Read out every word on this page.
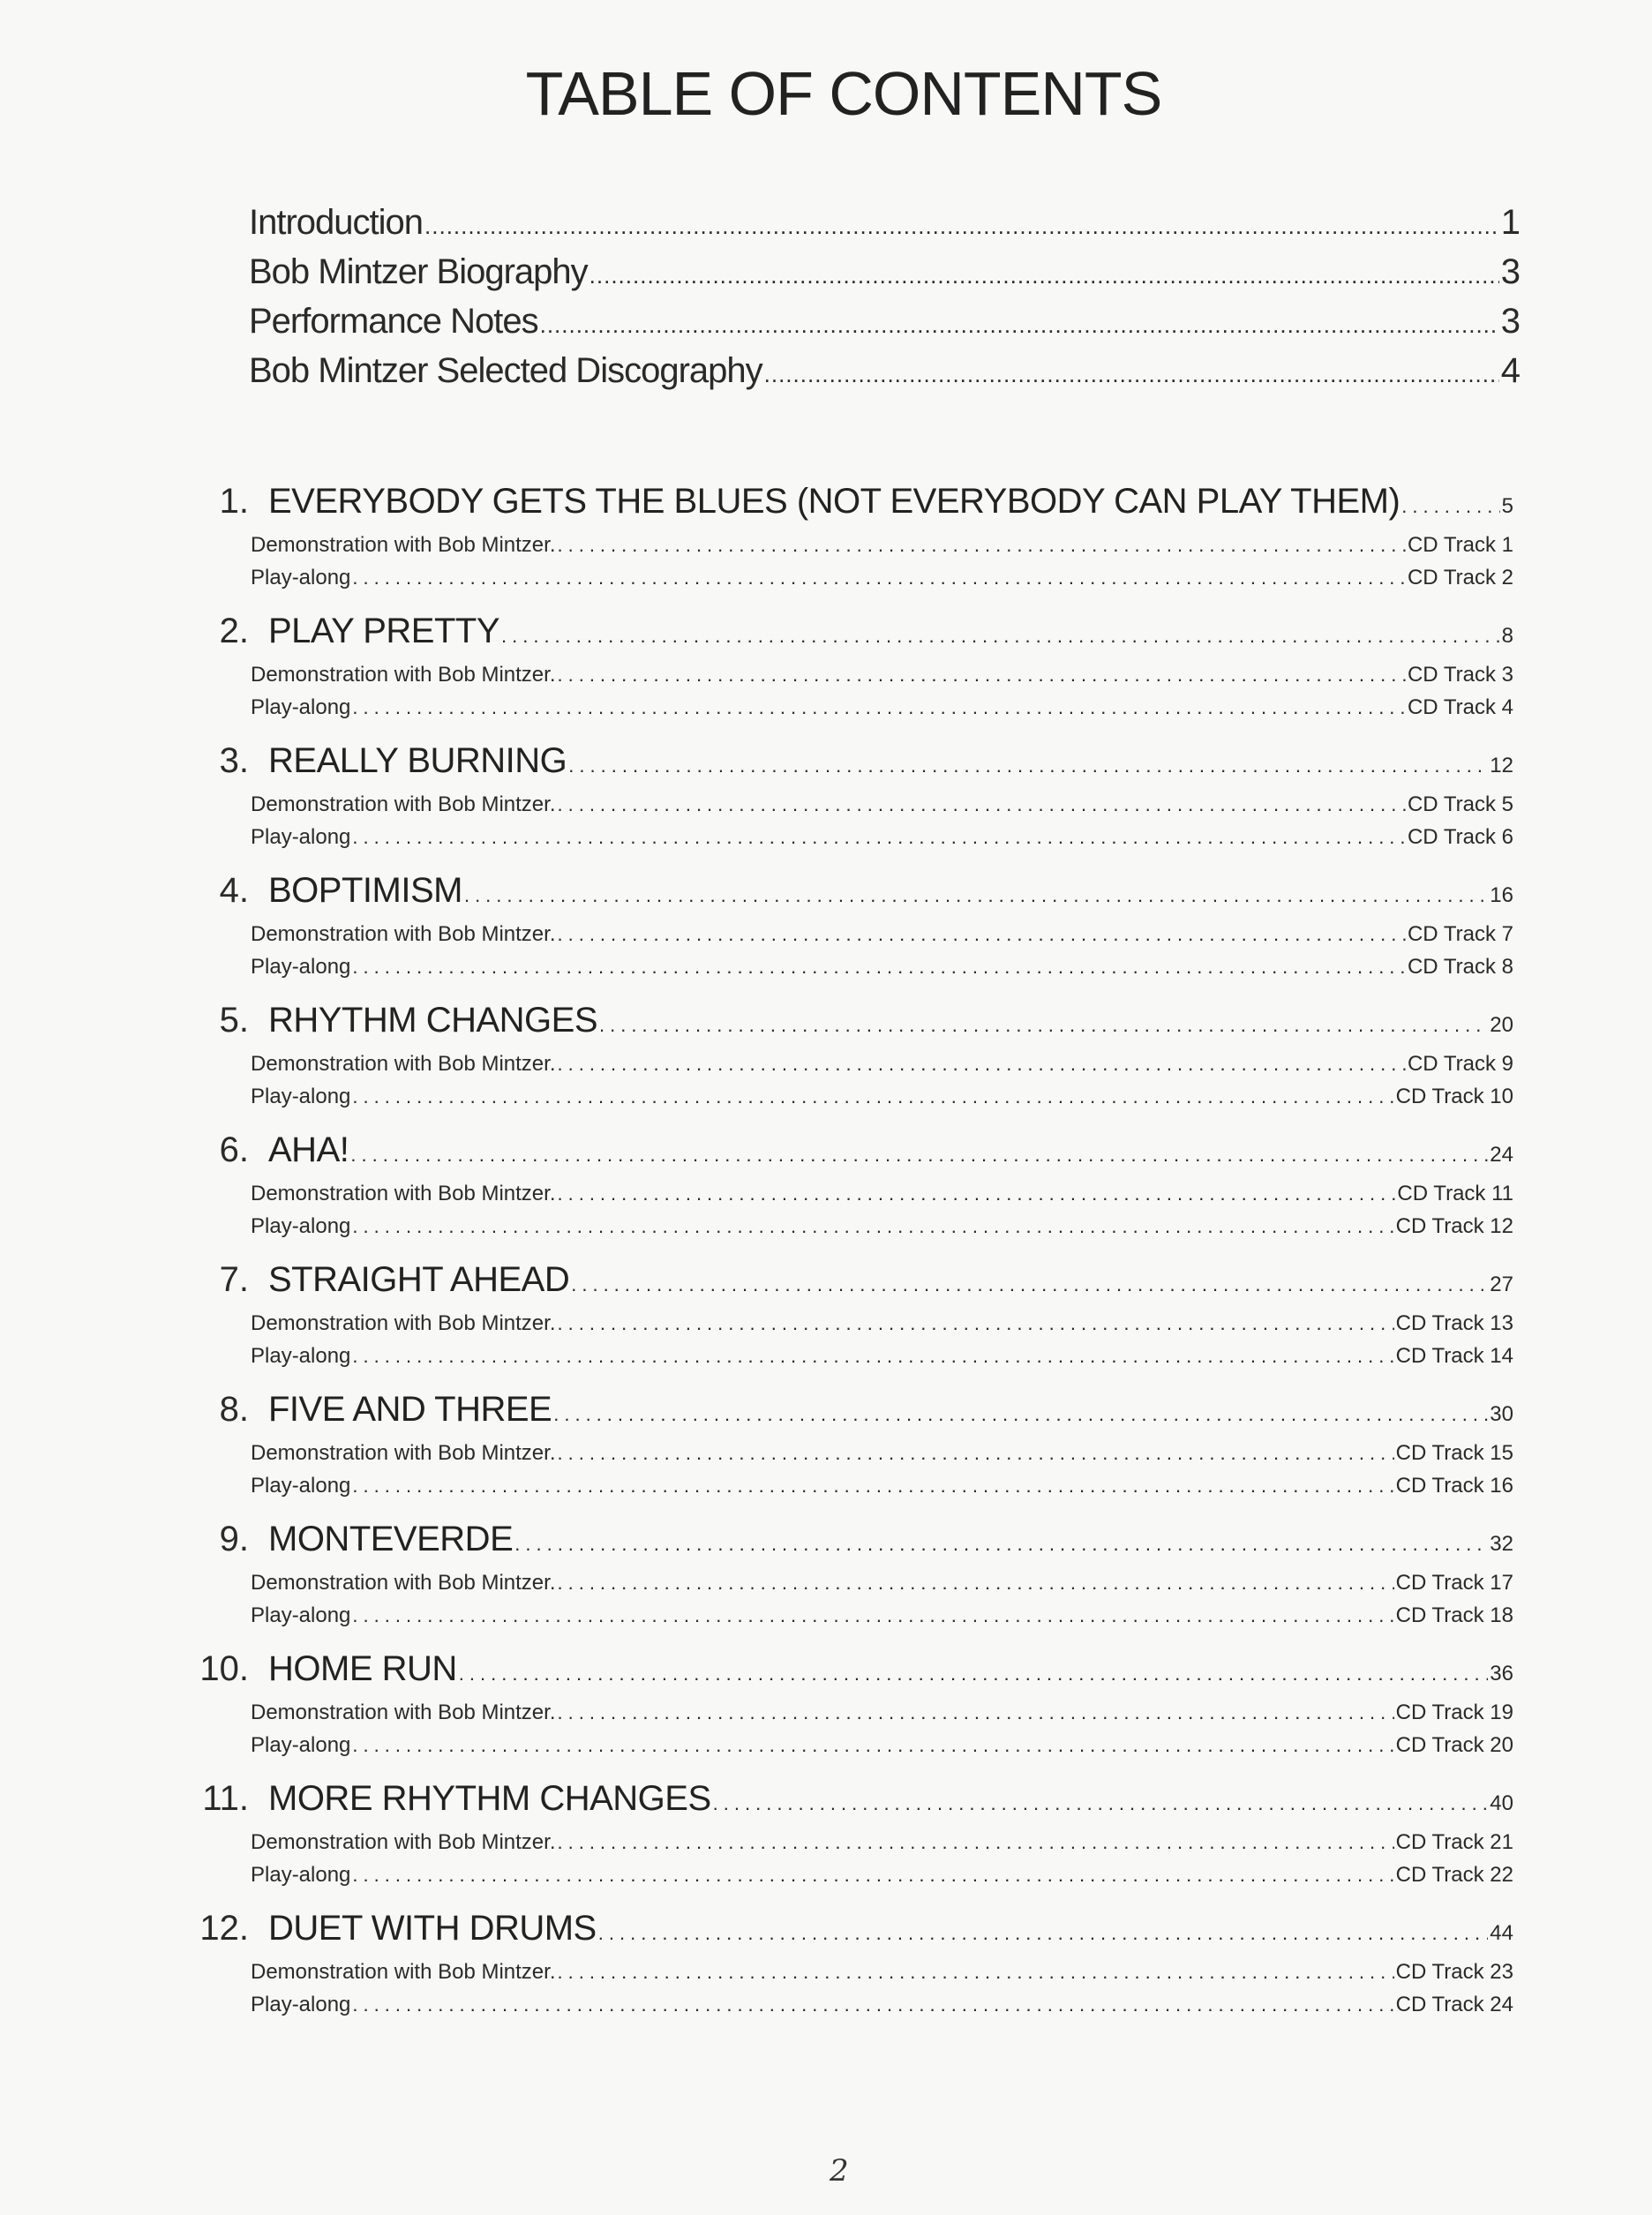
TABLE OF CONTENTS
Introduction .....	1
Bob Mintzer Biography .....	3
Performance Notes .....	3
Bob Mintzer Selected Discography .....	4
1. EVERYBODY GETS THE BLUES (NOT EVERYBODY CAN PLAY THEM) .....	5
Demonstration with Bob Mintzer. .....	CD Track 1
Play-along .....	CD Track 2
2. PLAY PRETTY .....	8
Demonstration with Bob Mintzer. .....	CD Track 3
Play-along .....	CD Track 4
3. REALLY BURNING .....	12
Demonstration with Bob Mintzer. .....	CD Track 5
Play-along .....	CD Track 6
4. BOPTIMISM .....	16
Demonstration with Bob Mintzer. .....	CD Track 7
Play-along .....	CD Track 8
5. RHYTHM CHANGES .....	20
Demonstration with Bob Mintzer. .....	CD Track 9
Play-along .....	CD Track 10
6. AHA! .....	24
Demonstration with Bob Mintzer. .....	CD Track 11
Play-along .....	CD Track 12
7. STRAIGHT AHEAD .....	27
Demonstration with Bob Mintzer. .....	CD Track 13
Play-along .....	CD Track 14
8. FIVE AND THREE .....	30
Demonstration with Bob Mintzer. .....	CD Track 15
Play-along .....	CD Track 16
9. MONTEVERDE .....	32
Demonstration with Bob Mintzer. .....	CD Track 17
Play-along .....	CD Track 18
10. HOME RUN .....	36
Demonstration with Bob Mintzer. .....	CD Track 19
Play-along .....	CD Track 20
11. MORE RHYTHM CHANGES .....	40
Demonstration with Bob Mintzer. .....	CD Track 21
Play-along .....	CD Track 22
12. DUET WITH DRUMS .....	44
Demonstration with Bob Mintzer. .....	CD Track 23
Play-along .....	CD Track 24
2
